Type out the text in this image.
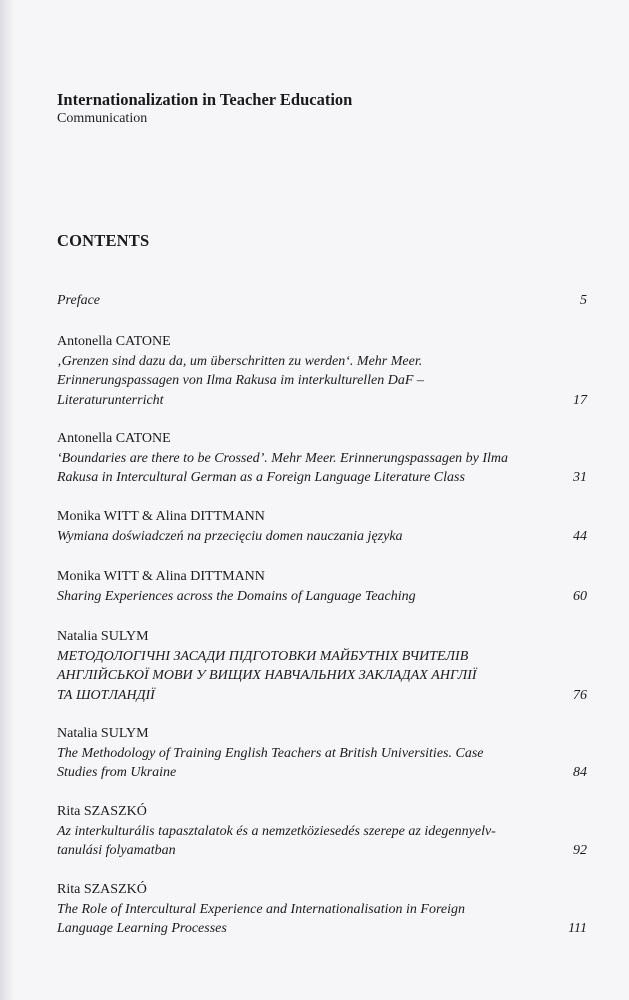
Internationalization in Teacher Education
Communication
CONTENTS
Preface	5
Antonella CATONE
‚Grenzen sind dazu da, um überschritten zu werden‘. Mehr Meer.
Erinnerungspassagen von Ilma Rakusa im interkulturellen DaF –
Literaturunterricht	17
Antonella CATONE
‘Boundaries are there to be Crossed’. Mehr Meer. Erinnerungspassagen by Ilma
Rakusa in Intercultural German as a Foreign Language Literature Class	31
Monika WITT & Alina DITTMANN
Wymiana doświadczeń na przecięciu domen nauczania języka	44
Monika WITT & Alina DITTMANN
Sharing Experiences across the Domains of Language Teaching	60
Natalia SULYM
МЕТОДОЛОГІЧНІ ЗАСАДИ ПІДГОТОВКИ МАЙБУТНІХ ВЧИТЕЛІВ
АНГЛІЙСЬКОЇ МОВИ У ВИЩИХ НАВЧАЛЬНИХ ЗАКЛАДАХ АНГЛІЇ
ТА ШОТЛАНДІЇ	76
Natalia SULYM
The Methodology of Training English Teachers at British Universities. Case
Studies from Ukraine	84
Rita SZASZKÓ
Az interkulturális tapasztalatok és a nemzetköziesedés szerepe az idegennyelv-
tanulási folyamatban	92
Rita SZASZKÓ
The Role of Intercultural Experience and Internationalisation in Foreign
Language Learning Processes	111
